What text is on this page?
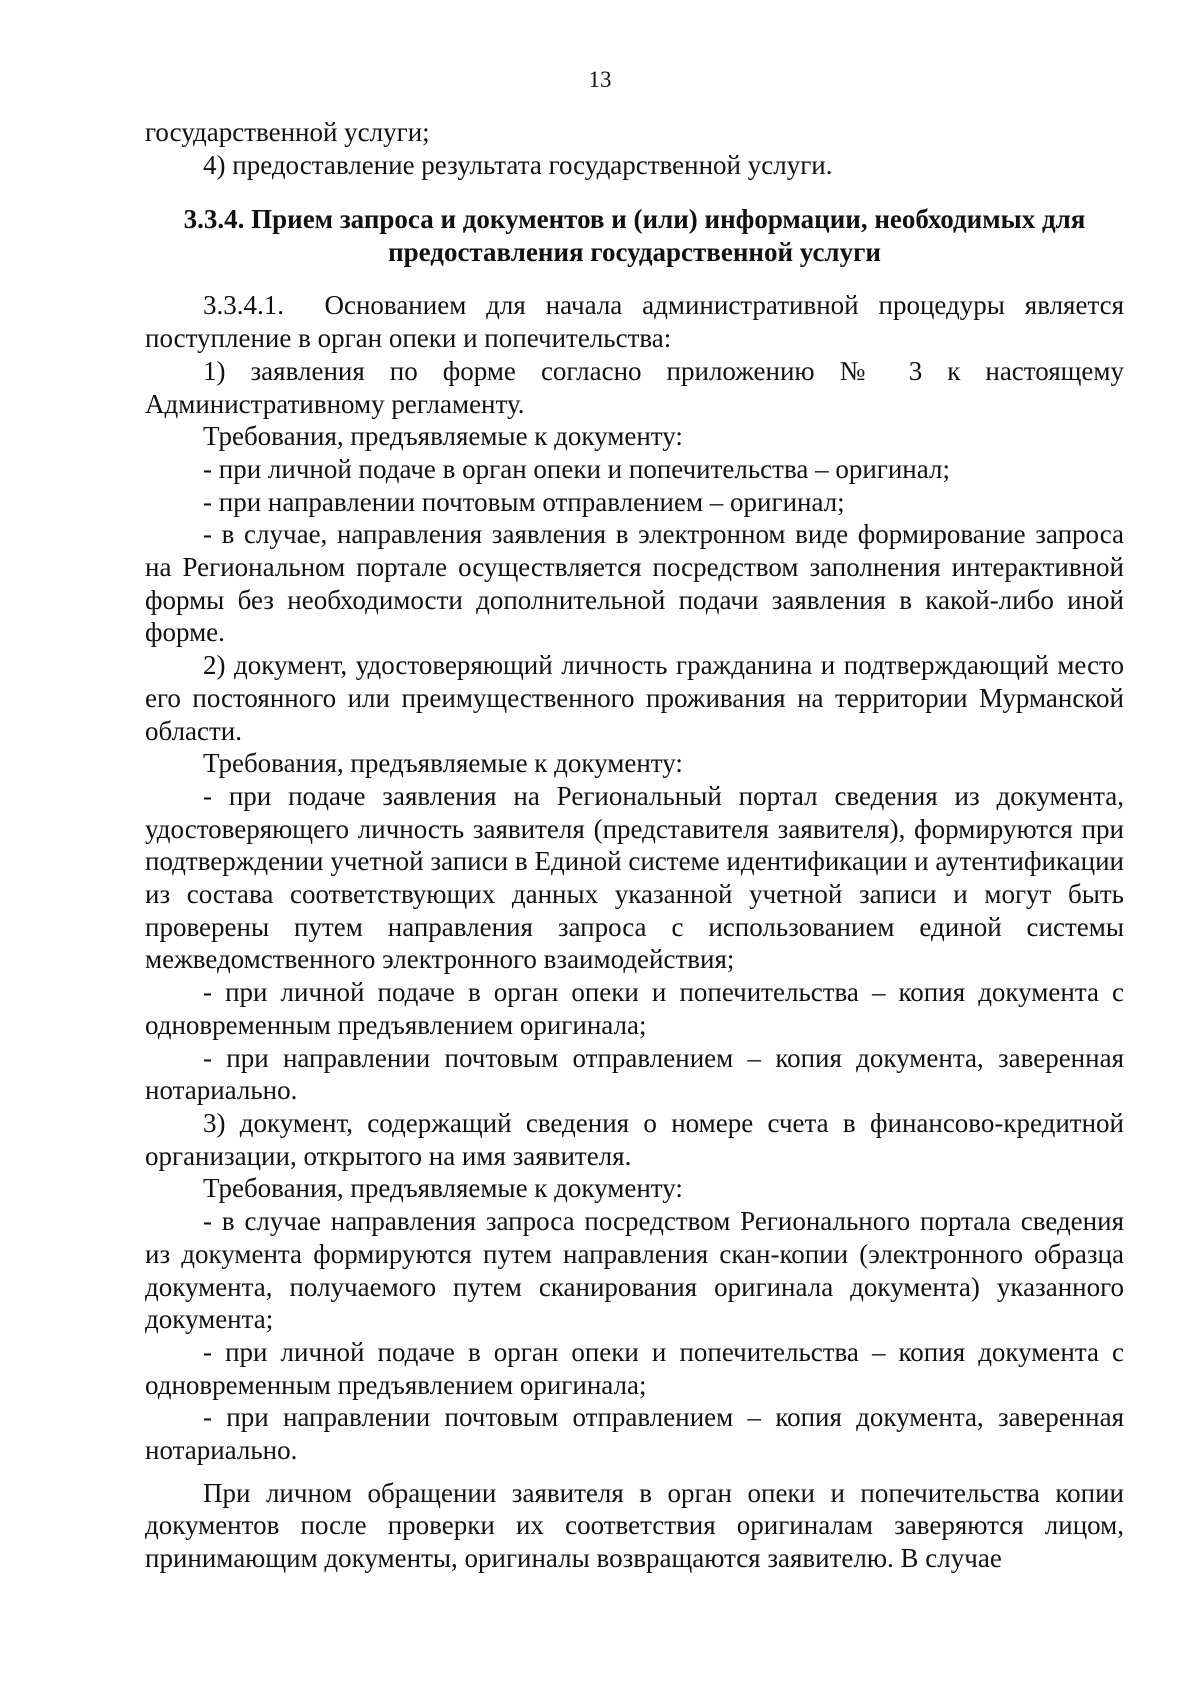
13

государственной услуги;

4) предоставление результата государственной услуги.

3.3.4. Прием запроса и документов и (или) информации, необходимых для предоставления государственной услуги

3.3.4.1.  Основанием для начала административной процедуры является поступление в орган опеки и попечительства:

1) заявления по форме согласно приложению № 3 к настоящему Административному регламенту.

Требования, предъявляемые к документу:

- при личной подаче в орган опеки и попечительства – оригинал;

- при направлении почтовым отправлением – оригинал;

- в случае, направления заявления в электронном виде формирование запроса на Региональном портале осуществляется посредством заполнения интерактивной формы без необходимости дополнительной подачи заявления в какой-либо иной форме.

2) документ, удостоверяющий личность гражданина и подтверждающий место его постоянного или преимущественного проживания на территории Мурманской области.

Требования, предъявляемые к документу:

- при подаче заявления на Региональный портал сведения из документа, удостоверяющего личность заявителя (представителя заявителя), формируются при подтверждении учетной записи в Единой системе идентификации и аутентификации из состава соответствующих данных указанной учетной записи и могут быть проверены путем направления запроса с использованием единой системы межведомственного электронного взаимодействия;

- при личной подаче в орган опеки и попечительства – копия документа с одновременным предъявлением оригинала;

- при направлении почтовым отправлением – копия документа, заверенная нотариально.

3) документ, содержащий сведения о номере счета в финансово-кредитной организации, открытого на имя заявителя.

Требования, предъявляемые к документу:

- в случае направления запроса посредством Регионального портала сведения из документа формируются путем направления скан-копии (электронного образца документа, получаемого путем сканирования оригинала документа) указанного документа;

- при личной подаче в орган опеки и попечительства – копия документа с одновременным предъявлением оригинала;

- при направлении почтовым отправлением – копия документа, заверенная нотариально.

При личном обращении заявителя в орган опеки и попечительства копии документов после проверки их соответствия оригиналам заверяются лицом, принимающим документы, оригиналы возвращаются заявителю. В случае
